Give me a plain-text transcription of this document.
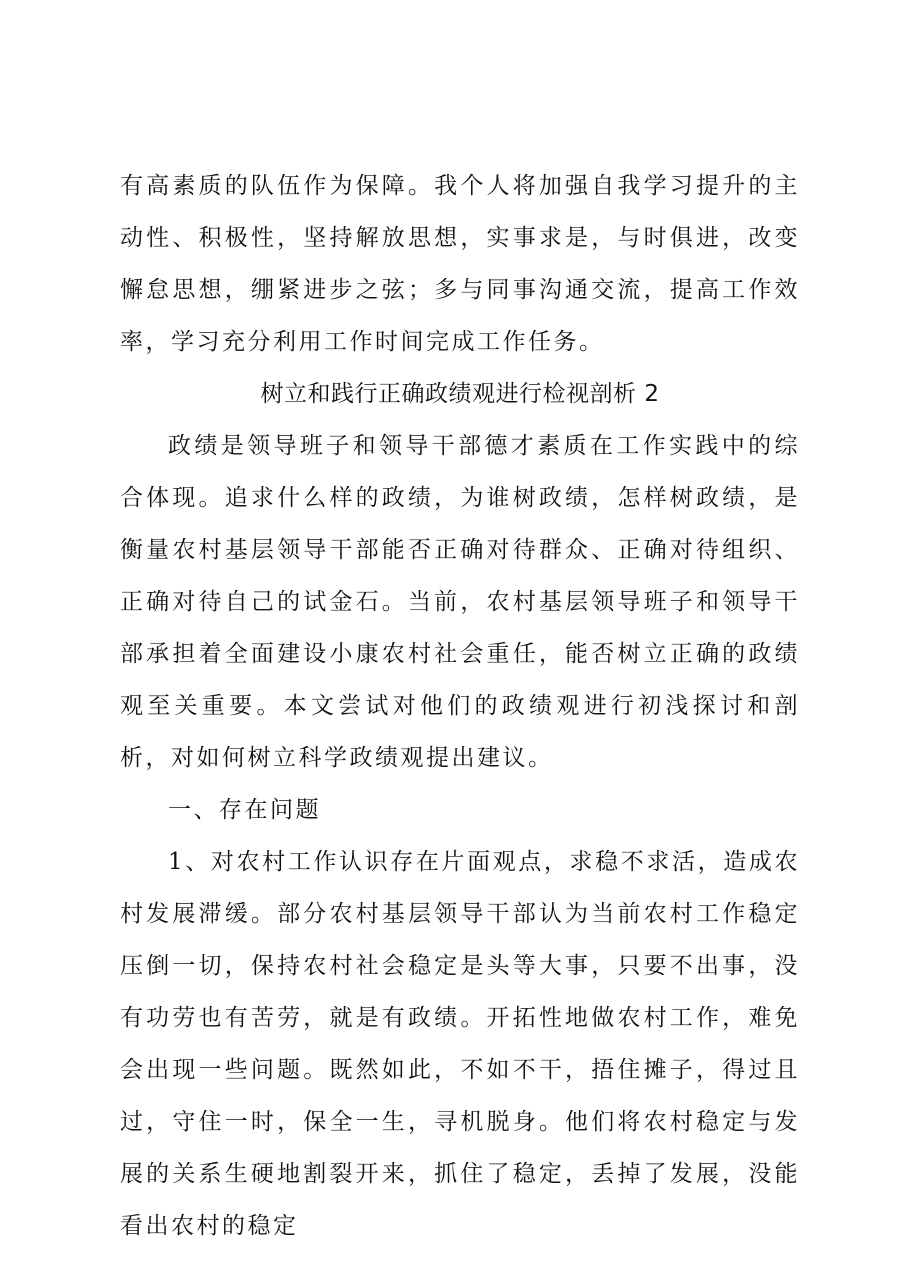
有高素质的队伍作为保障。我个人将加强自我学习提升的主动性、积极性，坚持解放思想，实事求是，与时俱进，改变懈怠思想，绷紧进步之弦；多与同事沟通交流，提高工作效率，学习充分利用工作时间完成工作任务。

树立和践行正确政绩观进行检视剖析 2

政绩是领导班子和领导干部德才素质在工作实践中的综合体现。追求什么样的政绩，为谁树政绩，怎样树政绩，是衡量农村基层领导干部能否正确对待群众、正确对待组织、正确对待自己的试金石。当前，农村基层领导班子和领导干部承担着全面建设小康农村社会重任，能否树立正确的政绩观至关重要。本文尝试对他们的政绩观进行初浅探讨和剖析，对如何树立科学政绩观提出建议。

一、存在问题

1、对农村工作认识存在片面观点，求稳不求活，造成农村发展滞缓。部分农村基层领导干部认为当前农村工作稳定压倒一切，保持农村社会稳定是头等大事，只要不出事，没有功劳也有苦劳，就是有政绩。开拓性地做农村工作，难免会出现一些问题。既然如此，不如不干，捂住摊子，得过且过，守住一时，保全一生，寻机脱身。他们将农村稳定与发展的关系生硬地割裂开来，抓住了稳定，丢掉了发展，没能看出农村的稳定
